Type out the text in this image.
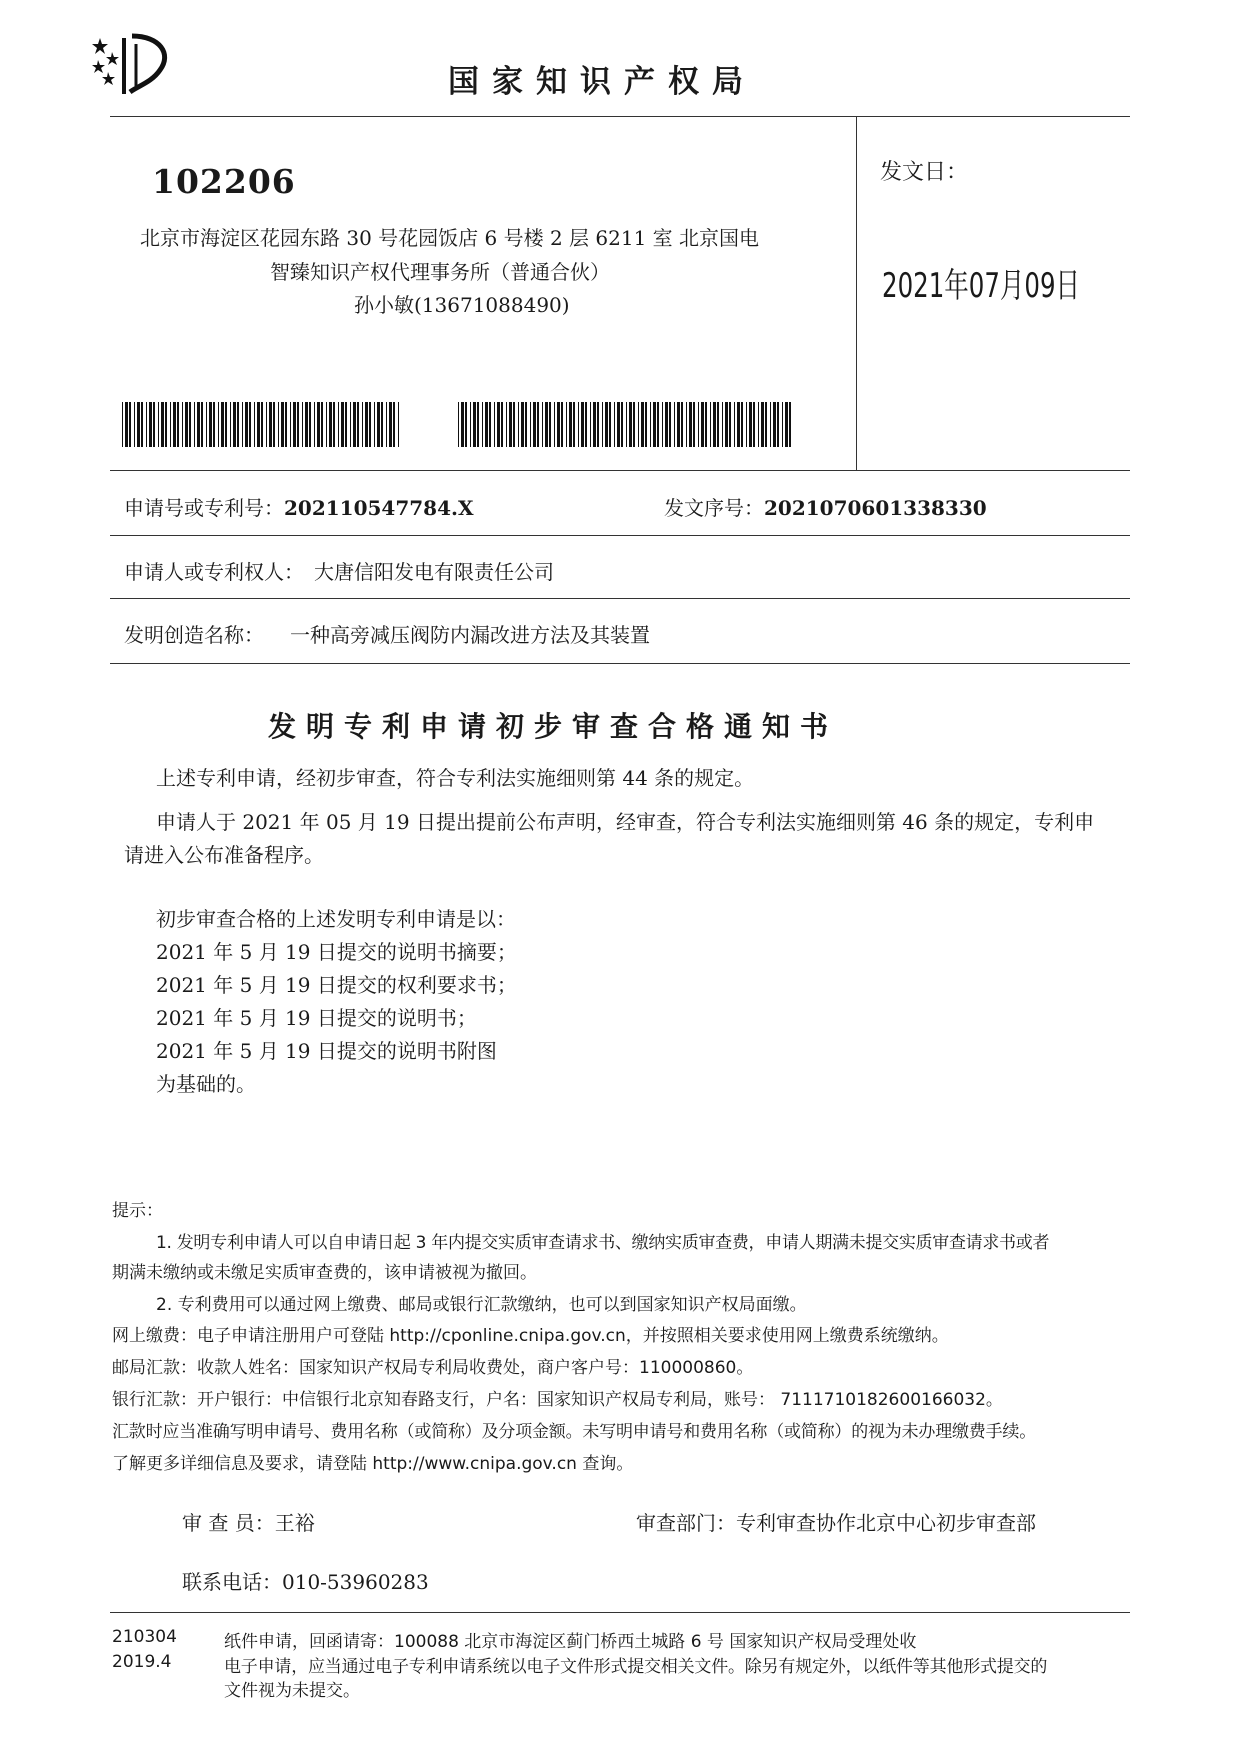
国家知识产权局
102206
北京市海淀区花园东路 30 号花园饭店 6 号楼 2 层 6211 室 北京国电
智臻知识产权代理事务所（普通合伙）
孙小敏(13671088490)
发文日：
2021年07月09日
申请号或专利号：202110547784.X	发文序号：2021070601338330
申请人或专利权人： 大唐信阳发电有限责任公司
发明创造名称： 一种高旁减压阀防内漏改进方法及其装置
发明专利申请初步审查合格通知书
上述专利申请，经初步审查，符合专利法实施细则第 44 条的规定。
申请人于 2021 年 05 月 19 日提出提前公布声明，经审查，符合专利法实施细则第 46 条的规定，专利申
请进入公布准备程序。
初步审查合格的上述发明专利申请是以：
2021 年 5 月 19 日提交的说明书摘要；
2021 年 5 月 19 日提交的权利要求书；
2021 年 5 月 19 日提交的说明书；
2021 年 5 月 19 日提交的说明书附图
为基础的。
提示：
1. 发明专利申请人可以自申请日起 3 年内提交实质审查请求书、缴纳实质审查费，申请人期满未提交实质审查请求书或者
期满未缴纳或未缴足实质审查费的，该申请被视为撤回。
2. 专利费用可以通过网上缴费、邮局或银行汇款缴纳，也可以到国家知识产权局面缴。
网上缴费：电子申请注册用户可登陆 http://cponline.cnipa.gov.cn，并按照相关要求使用网上缴费系统缴纳。
邮局汇款：收款人姓名：国家知识产权局专利局收费处，商户客户号：110000860。
银行汇款：开户银行：中信银行北京知春路支行，户名：国家知识产权局专利局，账号： 7111710182600166032。
汇款时应当准确写明申请号、费用名称（或简称）及分项金额。未写明申请号和费用名称（或简称）的视为未办理缴费手续。
了解更多详细信息及要求，请登陆 http://www.cnipa.gov.cn 查询。
审 查 员：王裕	审查部门：专利审查协作北京中心初步审查部
联系电话：010-53960283
210304
2019.4
纸件申请，回函请寄：100088 北京市海淀区蓟门桥西土城路 6 号 国家知识产权局受理处收
电子申请，应当通过电子专利申请系统以电子文件形式提交相关文件。除另有规定外，以纸件等其他形式提交的
文件视为未提交。
